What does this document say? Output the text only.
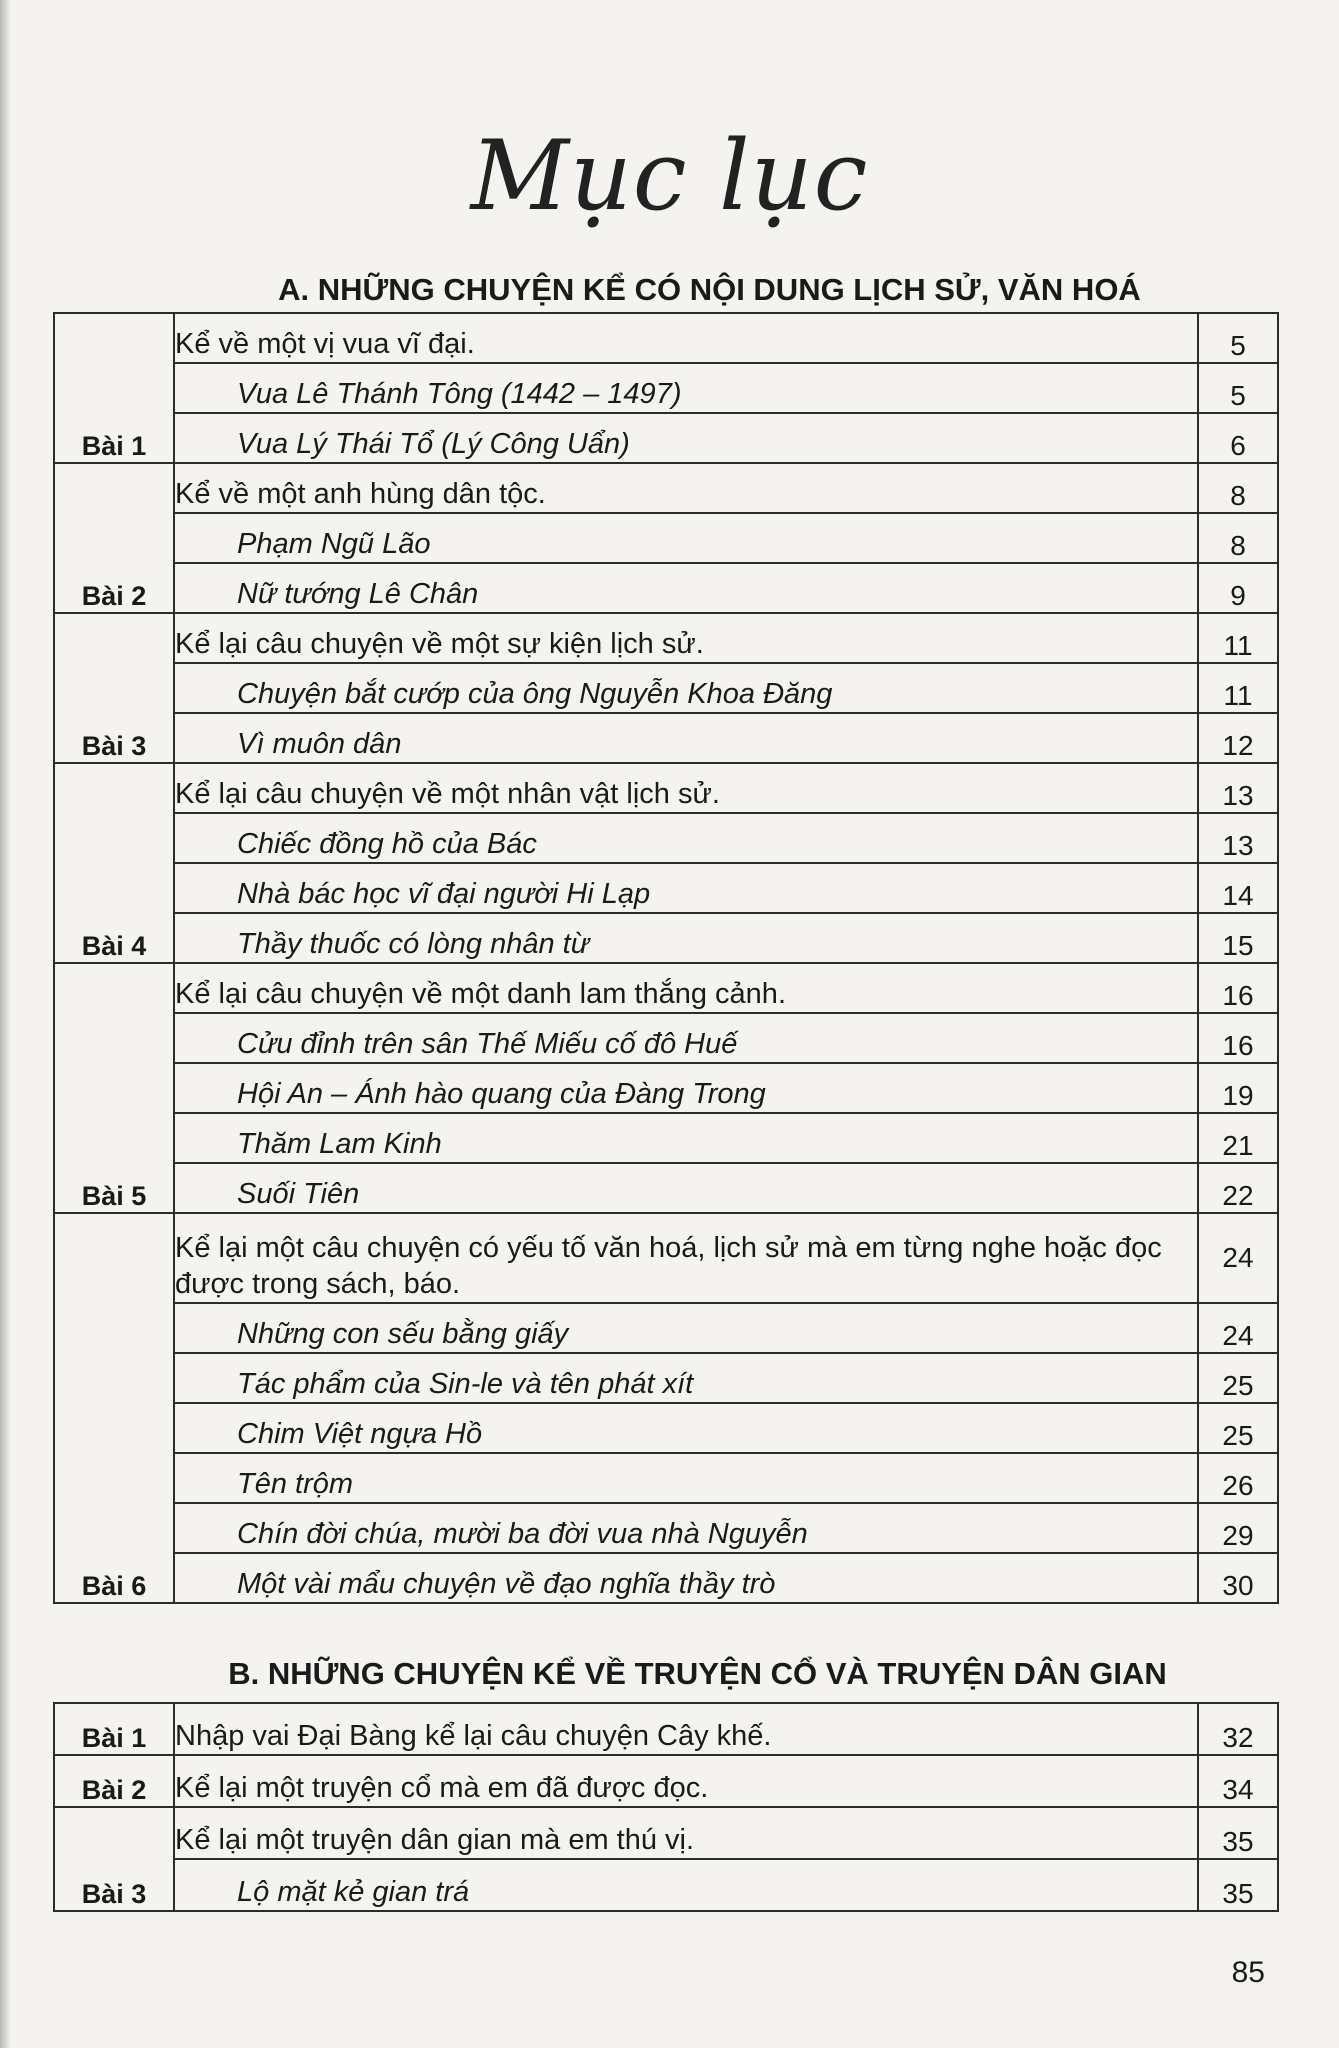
Mục lục
A. NHỮNG CHUYỆN KỂ CÓ NỘI DUNG LỊCH SỬ, VĂN HOÁ
Bài 1	Kể về một vị vua vĩ đại.	5
	Vua Lê Thánh Tông (1442 – 1497)	5
	Vua Lý Thái Tổ (Lý Công Uẩn)	6
Bài 2	Kể về một anh hùng dân tộc.	8
	Phạm Ngũ Lão	8
	Nữ tướng Lê Chân	9
Bài 3	Kể lại câu chuyện về một sự kiện lịch sử.	11
	Chuyện bắt cướp của ông Nguyễn Khoa Đăng	11
	Vì muôn dân	12
Bài 4	Kể lại câu chuyện về một nhân vật lịch sử.	13
	Chiếc đồng hồ của Bác	13
	Nhà bác học vĩ đại người Hi Lạp	14
	Thầy thuốc có lòng nhân từ	15
Bài 5	Kể lại câu chuyện về một danh lam thắng cảnh.	16
	Cửu đỉnh trên sân Thế Miếu cố đô Huế	16
	Hội An – Ánh hào quang của Đàng Trong	19
	Thăm Lam Kinh	21
	Suối Tiên	22
Bài 6	Kể lại một câu chuyện có yếu tố văn hoá, lịch sử mà em từng nghe hoặc đọc được trong sách, báo.	24
	Những con sếu bằng giấy	24
	Tác phẩm của Sin-le và tên phát xít	25
	Chim Việt ngựa Hồ	25
	Tên trộm	26
	Chín đời chúa, mười ba đời vua nhà Nguyễn	29
	Một vài mẩu chuyện về đạo nghĩa thầy trò	30
B. NHỮNG CHUYỆN KỂ VỀ TRUYỆN CỔ VÀ TRUYỆN DÂN GIAN
Bài 1	Nhập vai Đại Bàng kể lại câu chuyện Cây khế.	32
Bài 2	Kể lại một truyện cổ mà em đã được đọc.	34
Bài 3	Kể lại một truyện dân gian mà em thú vị.	35
	Lộ mặt kẻ gian trá	35
85
